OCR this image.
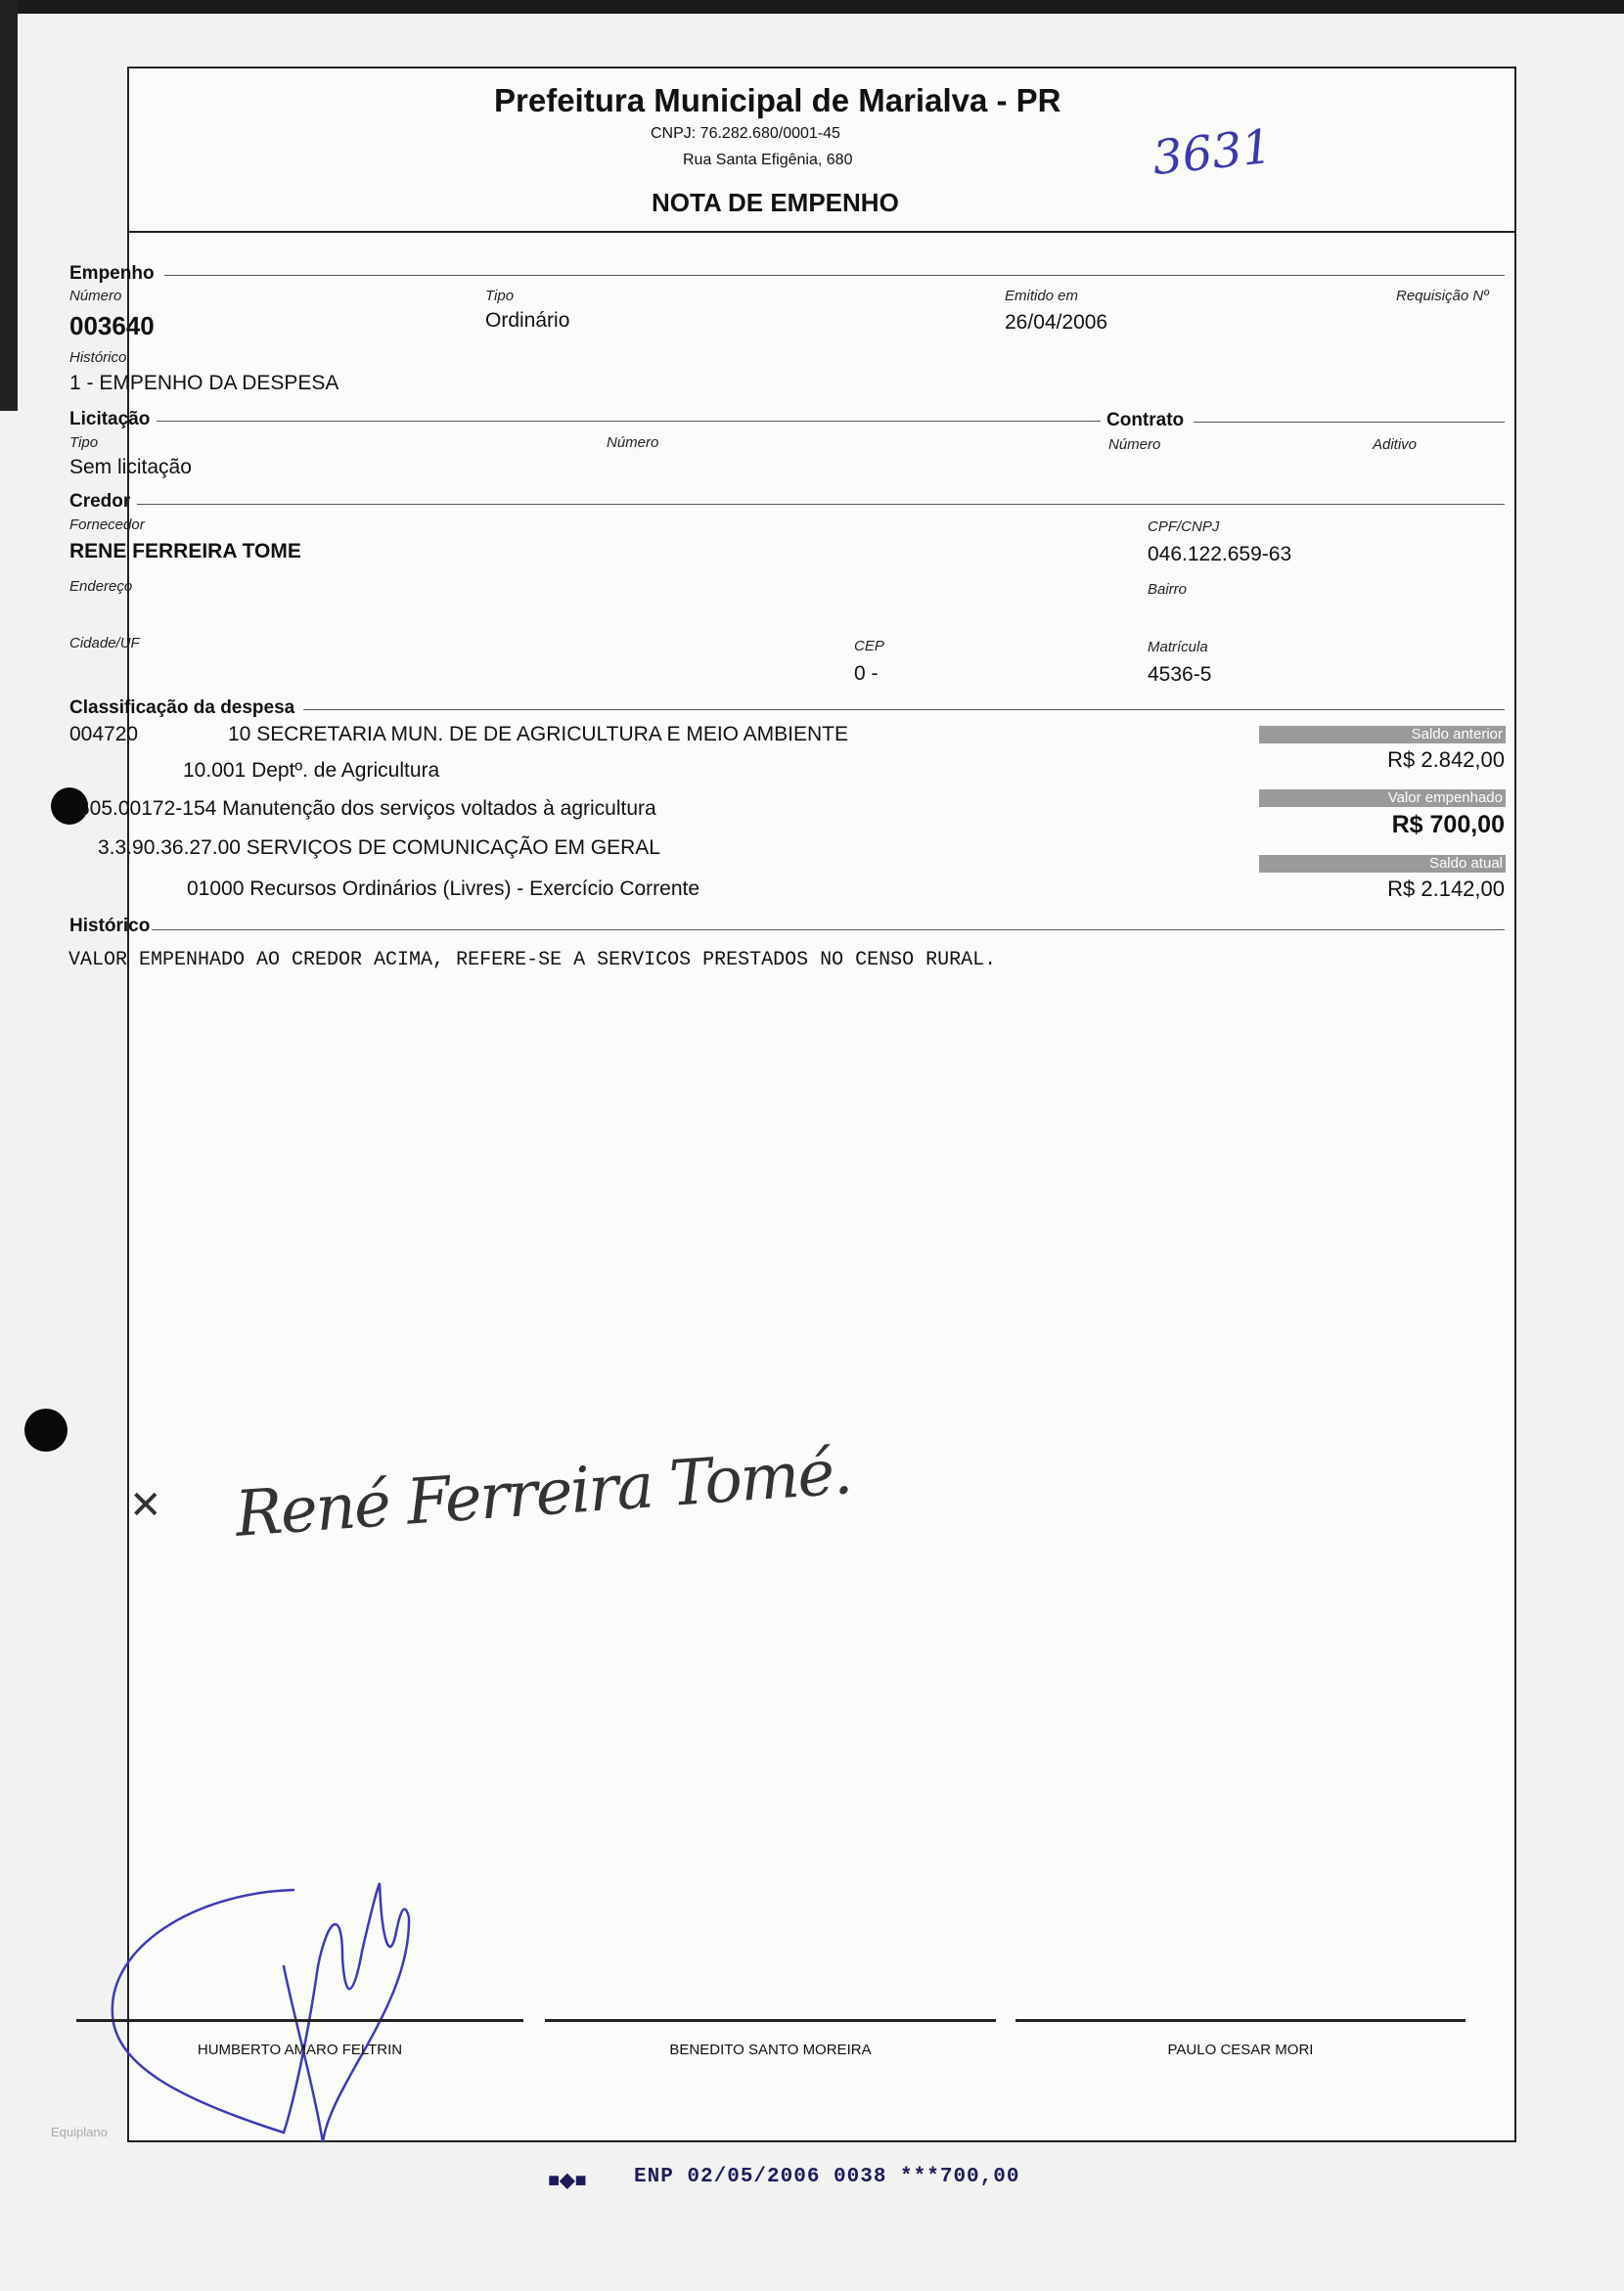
Prefeitura Municipal de Marialva - PR
CNPJ: 76.282.680/0001-45
Rua Santa Efigênia, 680
NOTA DE EMPENHO
3631
Empenho
Número
003640
Tipo
Ordinário
Emitido em
26/04/2006
Requisição Nº
Histórico
1 - EMPENHO DA DESPESA
Licitação	Contrato
Tipo
Sem licitação
Número	Número	Aditivo
Credor
Fornecedor
RENE FERREIRA TOME
CPF/CNPJ
046.122.659-63
Endereço	Bairro
Cidade/UF	CEP
0 -
Matrícula
4536-5
Classificação da despesa
004720	10 SECRETARIA MUN. DE DE AGRICULTURA E MEIO AMBIENTE
10.001 Deptº. de Agricultura
605.00172-154 Manutenção dos serviços voltados à agricultura
3.3.90.36.27.00 SERVIÇOS DE COMUNICAÇÃO EM GERAL
01000 Recursos Ordinários (Livres) - Exercício Corrente
Saldo anterior
R$ 2.842,00
Valor empenhado
R$ 700,00
Saldo atual
R$ 2.142,00
Histórico
VALOR EMPENHADO AO CREDOR ACIMA, REFERE-SE A SERVICOS PRESTADOS NO CENSO RURAL.
René Ferreira Tomé.
✕
HUMBERTO AMARO FELTRIN	BENEDITO SANTO MOREIRA	PAULO CESAR MORI
Equiplano
■◆■ ENP 02/05/2006 0038 ***700,00
